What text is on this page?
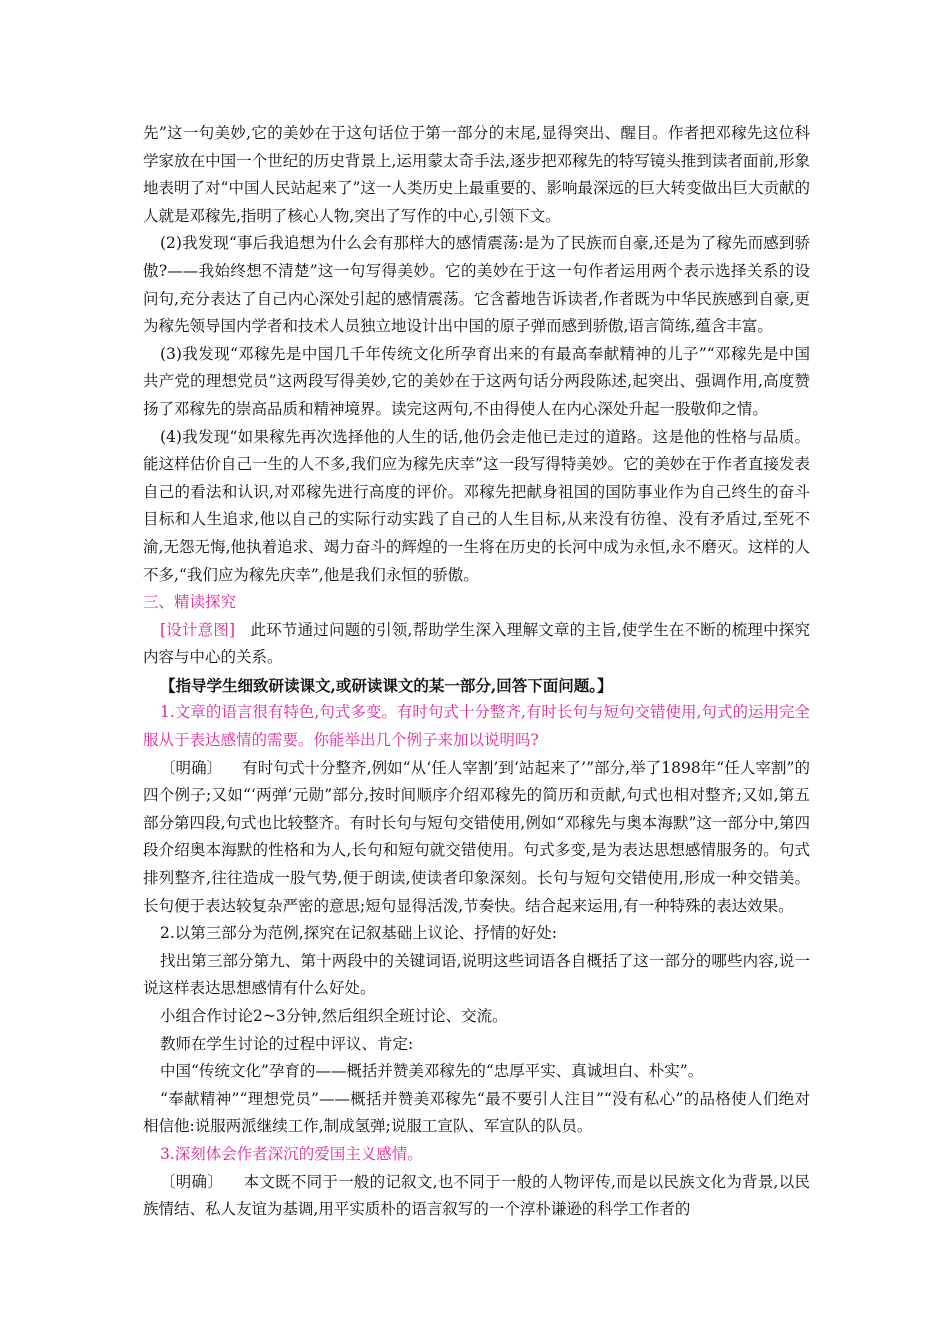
先”这一句美妙,它的美妙在于这句话位于第一部分的末尾,显得突出、醒目。作者把邓稼先这位科学家放在中国一个世纪的历史背景上,运用蒙太奇手法,逐步把邓稼先的特写镜头推到读者面前,形象地表明了对“中国人民站起来了”这一人类历史上最重要的、影响最深远的巨大转变做出巨大贡献的人就是邓稼先,指明了核心人物,突出了写作的中心,引领下文。

(2)我发现“事后我追想为什么会有那样大的感情震荡:是为了民族而自豪,还是为了稼先而感到骄傲?——我始终想不清楚”这一句写得美妙。它的美妙在于这一句作者运用两个表示选择关系的设问句,充分表达了自己内心深处引起的感情震荡。它含蓄地告诉读者,作者既为中华民族感到自豪,更为稼先领导国内学者和技术人员独立地设计出中国的原子弹而感到骄傲,语言简练,蕴含丰富。

(3)我发现“邓稼先是中国几千年传统文化所孕育出来的有最高奉献精神的儿子”“邓稼先是中国共产党的理想党员”这两段写得美妙,它的美妙在于这两句话分两段陈述,起突出、强调作用,高度赞扬了邓稼先的崇高品质和精神境界。读完这两句,不由得使人在内心深处升起一股敬仰之情。

(4)我发现“如果稼先再次选择他的人生的话,他仍会走他已走过的道路。这是他的性格与品质。能这样估价自己一生的人不多,我们应为稼先庆幸”这一段写得特美妙。它的美妙在于作者直接发表自己的看法和认识,对邓稼先进行高度的评价。邓稼先把献身祖国的国防事业作为自己终生的奋斗目标和人生追求,他以自己的实际行动实践了自己的人生目标,从来没有彷徨、没有矛盾过,至死不渝,无怨无悔,他执着追求、竭力奋斗的辉煌的一生将在历史的长河中成为永恒,永不磨灭。这样的人不多,“我们应为稼先庆幸”,他是我们永恒的骄傲。

三、精读探究

[设计意图] 此环节通过问题的引领,帮助学生深入理解文章的主旨,使学生在不断的梳理中探究内容与中心的关系。

【指导学生细致研读课文,或研读课文的某一部分,回答下面问题。】

1.文章的语言很有特色,句式多变。有时句式十分整齐,有时长句与短句交错使用,句式的运用完全服从于表达感情的需要。你能举出几个例子来加以说明吗?

〔明确〕 有时句式十分整齐,例如“从‘任人宰割’到‘站起来了’”部分,举了1898年“任人宰割”的四个例子;又如“‘两弹’元勋”部分,按时间顺序介绍邓稼先的简历和贡献,句式也相对整齐;又如,第五部分第四段,句式也比较整齐。有时长句与短句交错使用,例如“邓稼先与奥本海默”这一部分中,第四段介绍奥本海默的性格和为人,长句和短句就交错使用。句式多变,是为表达思想感情服务的。句式排列整齐,往往造成一股气势,便于朗读,使读者印象深刻。长句与短句交错使用,形成一种交错美。长句便于表达较复杂严密的意思;短句显得活泼,节奏快。结合起来运用,有一种特殊的表达效果。

2.以第三部分为范例,探究在记叙基础上议论、抒情的好处:

找出第三部分第九、第十两段中的关键词语,说明这些词语各自概括了这一部分的哪些内容,说一说这样表达思想感情有什么好处。

小组合作讨论2~3分钟,然后组织全班讨论、交流。

教师在学生讨论的过程中评议、肯定:

中国“传统文化”孕育的——概括并赞美邓稼先的“忠厚平实、真诚坦白、朴实”。

“奉献精神”“理想党员”——概括并赞美邓稼先“最不要引人注目”“没有私心”的品格使人们绝对相信他:说服两派继续工作,制成氢弹;说服工宣队、军宣队的队员。

3.深刻体会作者深沉的爱国主义感情。

〔明确〕 本文既不同于一般的记叙文,也不同于一般的人物评传,而是以民族文化为背景,以民族情结、私人友谊为基调,用平实质朴的语言叙写的一个淳朴谦逊的科学工作者的
